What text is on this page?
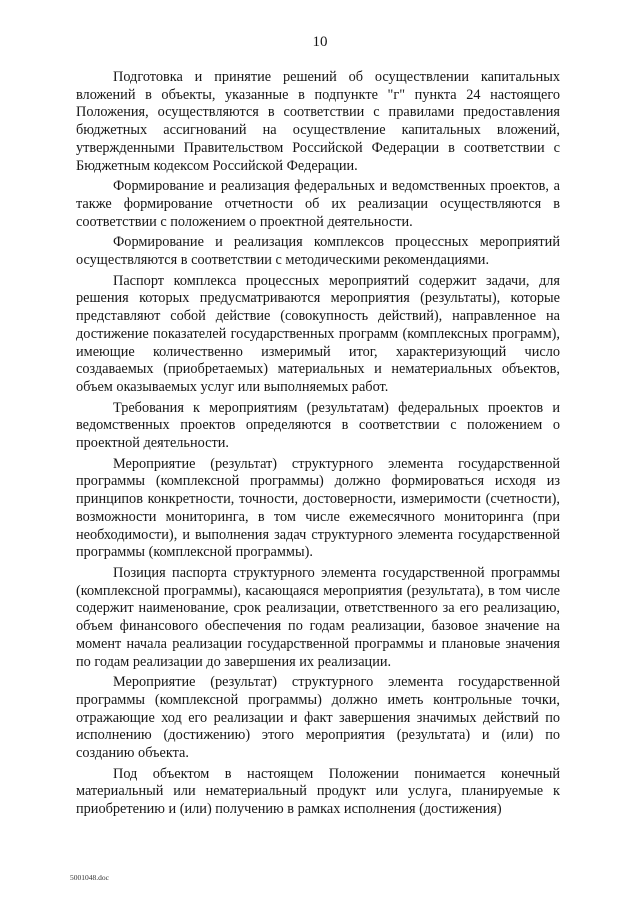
10

Подготовка и принятие решений об осуществлении капитальных вложений в объекты, указанные в подпункте "г" пункта 24 настоящего Положения, осуществляются в соответствии с правилами предоставления бюджетных ассигнований на осуществление капитальных вложений, утвержденными Правительством Российской Федерации в соответствии с Бюджетным кодексом Российской Федерации.

Формирование и реализация федеральных и ведомственных проектов, а также формирование отчетности об их реализации осуществляются в соответствии с положением о проектной деятельности.

Формирование и реализация комплексов процессных мероприятий осуществляются в соответствии с методическими рекомендациями.

Паспорт комплекса процессных мероприятий содержит задачи, для решения которых предусматриваются мероприятия (результаты), которые представляют собой действие (совокупность действий), направленное на достижение показателей государственных программ (комплексных программ), имеющие количественно измеримый итог, характеризующий число создаваемых (приобретаемых) материальных и нематериальных объектов, объем оказываемых услуг или выполняемых работ.

Требования к мероприятиям (результатам) федеральных проектов и ведомственных проектов определяются в соответствии с положением о проектной деятельности.

Мероприятие (результат) структурного элемента государственной программы (комплексной программы) должно формироваться исходя из принципов конкретности, точности, достоверности, измеримости (счетности), возможности мониторинга, в том числе ежемесячного мониторинга (при необходимости), и выполнения задач структурного элемента государственной программы (комплексной программы).

Позиция паспорта структурного элемента государственной программы (комплексной программы), касающаяся мероприятия (результата), в том числе содержит наименование, срок реализации, ответственного за его реализацию, объем финансового обеспечения по годам реализации, базовое значение на момент начала реализации государственной программы и плановые значения по годам реализации до завершения их реализации.

Мероприятие (результат) структурного элемента государственной программы (комплексной программы) должно иметь контрольные точки, отражающие ход его реализации и факт завершения значимых действий по исполнению (достижению) этого мероприятия (результата) и (или) по созданию объекта.

Под объектом в настоящем Положении понимается конечный материальный или нематериальный продукт или услуга, планируемые к приобретению и (или) получению в рамках исполнения (достижения)

5001048.doc
